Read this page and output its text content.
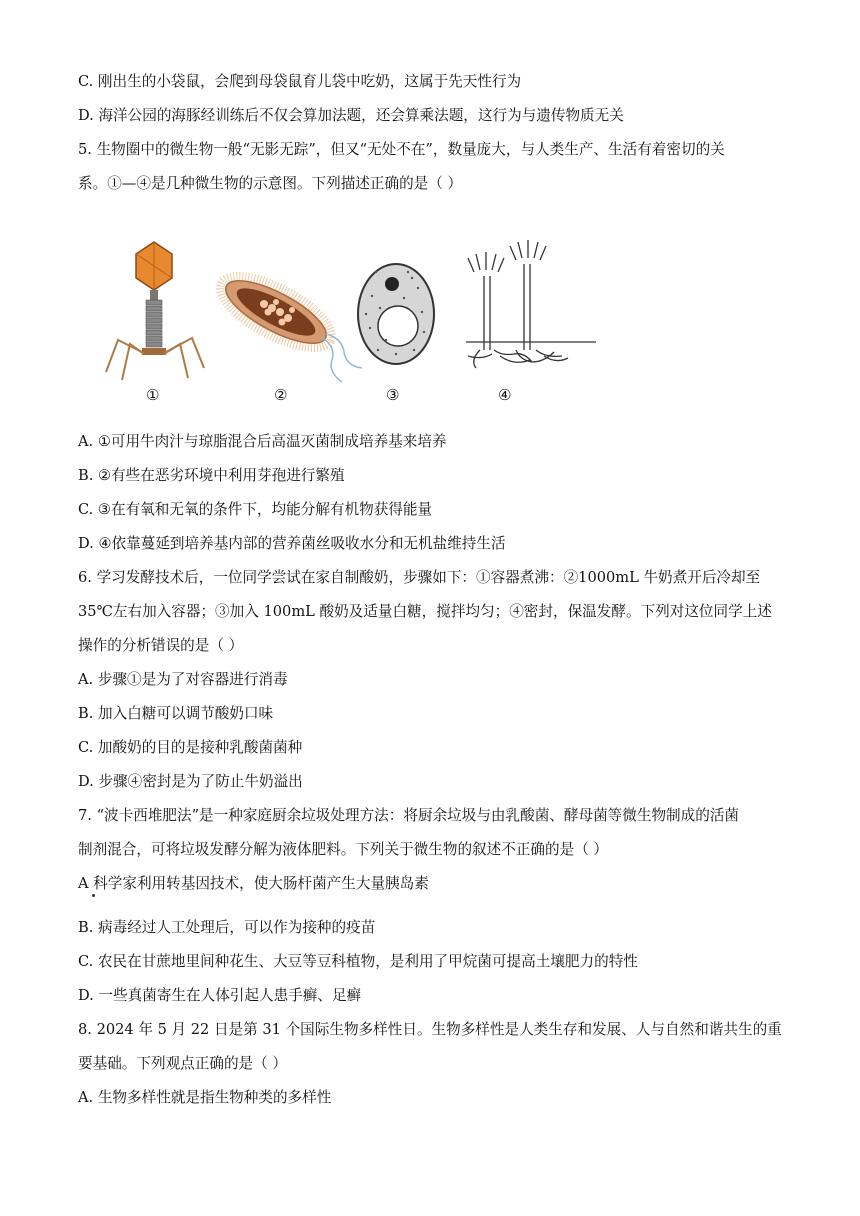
C. 刚出生的小袋鼠，会爬到母袋鼠育儿袋中吃奶，这属于先天性行为
D. 海洋公园的海豚经训练后不仅会算加法题，还会算乘法题，这行为与遗传物质无关
5. 生物圈中的微生物一般“无影无踪”，但又“无处不在”，数量庞大，与人类生产、生活有着密切的关
系。①—④是几种微生物的示意图。下列描述正确的是（ ）
①	②	③	④
A. ①可用牛肉汁与琼脂混合后高温灭菌制成培养基来培养
B. ②有些在恶劣环境中利用芽孢进行繁殖
C. ③在有氧和无氧的条件下，均能分解有机物获得能量
D. ④依靠蔓延到培养基内部的营养菌丝吸收水分和无机盐维持生活
6. 学习发酵技术后，一位同学尝试在家自制酸奶，步骤如下：①容器煮沸：②1000mL 牛奶煮开后冷却至
35℃左右加入容器；③加入 100mL 酸奶及适量白糖，搅拌均匀；④密封，保温发酵。下列对这位同学上述
操作的分析错误的是（ ）
A. 步骤①是为了对容器进行消毒
B. 加入白糖可以调节酸奶口味
C. 加酸奶的目的是接种乳酸菌菌种
D. 步骤④密封是为了防止牛奶溢出
7. “波卡西堆肥法”是一种家庭厨余垃圾处理方法：将厨余垃圾与由乳酸菌、酵母菌等微生物制成的活菌
制剂混合，可将垃圾发酵分解为液体肥料。下列关于微生物的叙述不正确的是（ ）
A 科学家利用转基因技术，使大肠杆菌产生大量胰岛素
B. 病毒经过人工处理后，可以作为接种的疫苗
C. 农民在甘蔗地里间种花生、大豆等豆科植物，是利用了甲烷菌可提高土壤肥力的特性
D. 一些真菌寄生在人体引起人患手癣、足癣
8. 2024 年 5 月 22 日是第 31 个国际生物多样性日。生物多样性是人类生存和发展、人与自然和谐共生的重
要基础。下列观点正确的是（ ）
A. 生物多样性就是指生物种类的多样性
